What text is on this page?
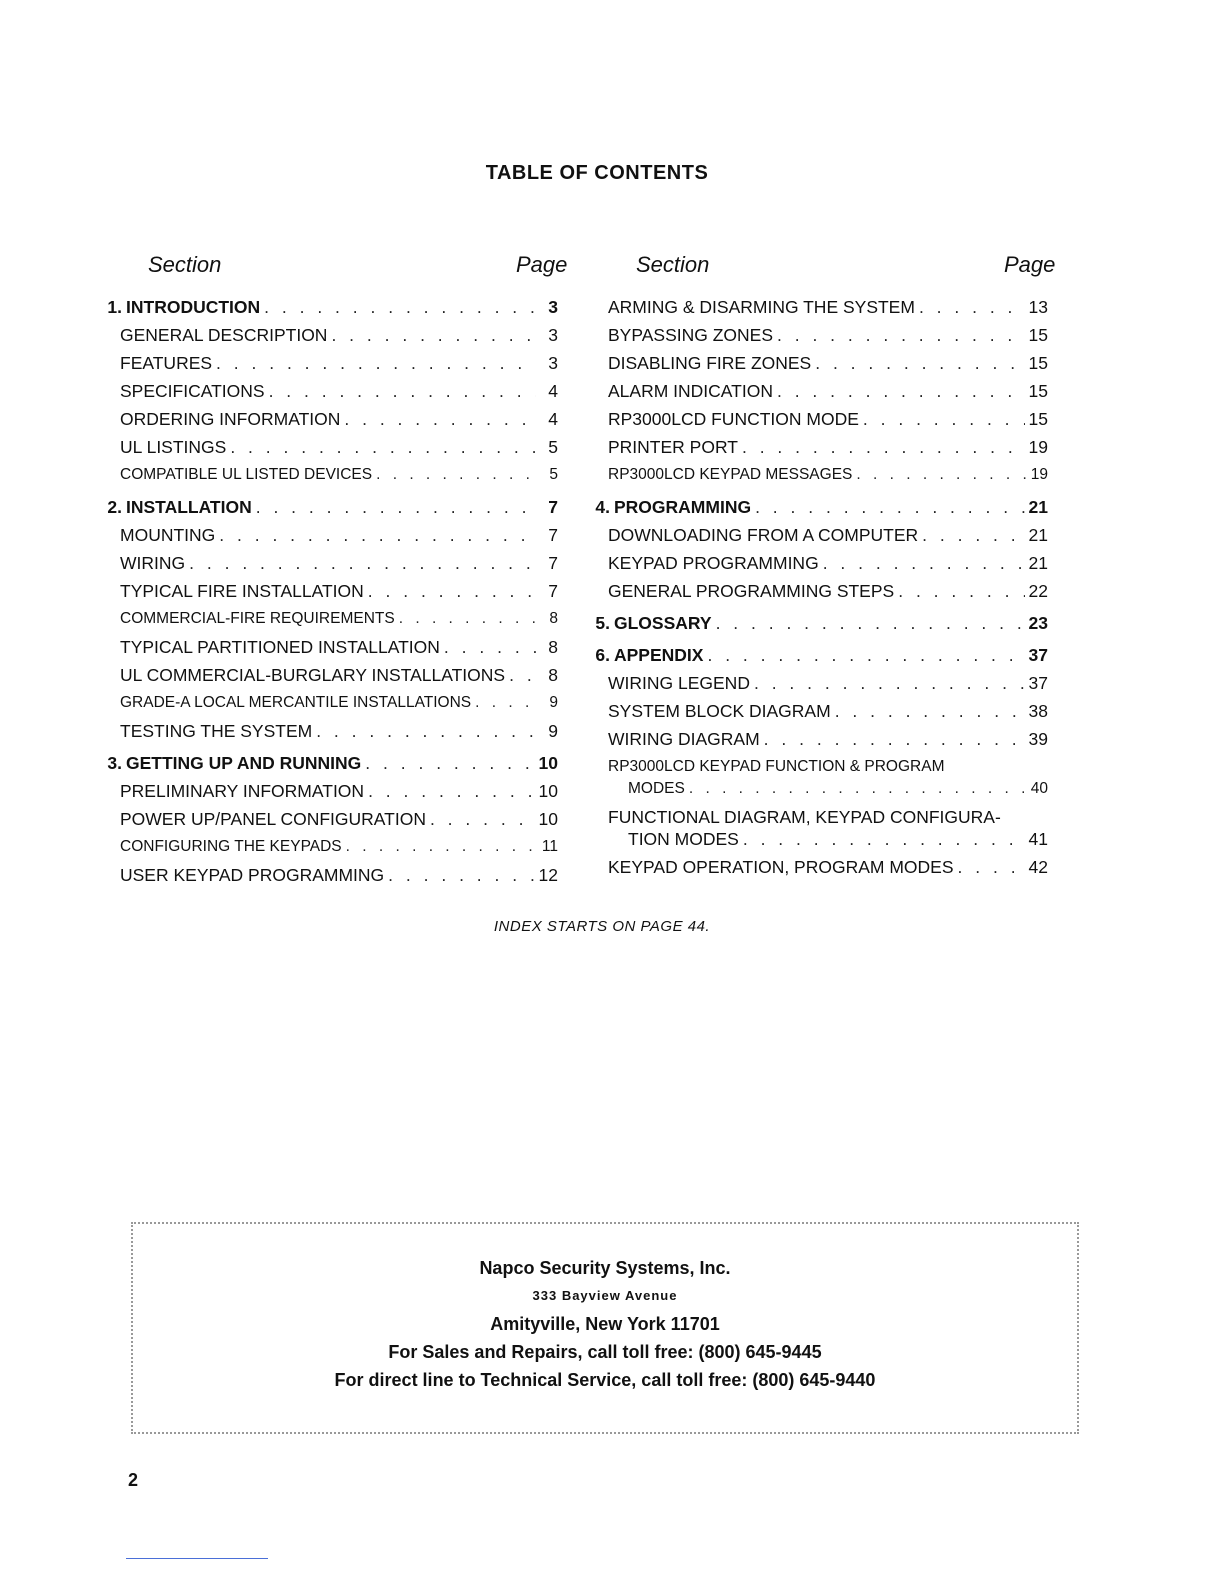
TABLE OF CONTENTS
Section	Page	Section	Page
1. INTRODUCTION . . .	3
GENERAL DESCRIPTION . . .	3
FEATURES . . .	3
SPECIFICATIONS . . .	4
ORDERING INFORMATION . . .	4
UL LISTINGS . . .	5
COMPATIBLE UL LISTED DEVICES . . .	5
2. INSTALLATION . . .	7
MOUNTING . . .	7
WIRING . . .	7
TYPICAL FIRE INSTALLATION . . .	7
COMMERCIAL-FIRE REQUIREMENTS . . .	8
TYPICAL PARTITIONED INSTALLATION . . .	8
UL COMMERCIAL-BURGLARY INSTALLATIONS . . .	8
GRADE-A LOCAL MERCANTILE INSTALLATIONS . . .	9
TESTING THE SYSTEM . . .	9
3. GETTING UP AND RUNNING . . .	10
PRELIMINARY INFORMATION . . .	10
POWER UP/PANEL CONFIGURATION . . .	10
CONFIGURING THE KEYPADS . . .	11
USER KEYPAD PROGRAMMING . . .	12
ARMING & DISARMING THE SYSTEM . . .	13
BYPASSING ZONES . . .	15
DISABLING FIRE ZONES . . .	15
ALARM INDICATION . . .	15
RP3000LCD FUNCTION MODE . . .	15
PRINTER PORT . . .	19
RP3000LCD KEYPAD MESSAGES . . .	19
4. PROGRAMMING . . .	21
DOWNLOADING FROM A COMPUTER . . .	21
KEYPAD PROGRAMMING . . .	21
GENERAL PROGRAMMING STEPS . . .	22
5. GLOSSARY . . .	23
6. APPENDIX . . .	37
WIRING LEGEND . . .	37
SYSTEM BLOCK DIAGRAM . . .	38
WIRING DIAGRAM . . .	39
RP3000LCD KEYPAD FUNCTION & PROGRAM
MODES . . .	40
FUNCTIONAL DIAGRAM, KEYPAD CONFIGURA-
TION MODES . . .	41
KEYPAD OPERATION, PROGRAM MODES . . .	42
INDEX STARTS ON PAGE 44.
Napco Security Systems, Inc.
333 Bayview Avenue
Amityville, New York 11701
For Sales and Repairs, call toll free: (800) 645-9445
For direct line to Technical Service, call toll free: (800) 645-9440
2
